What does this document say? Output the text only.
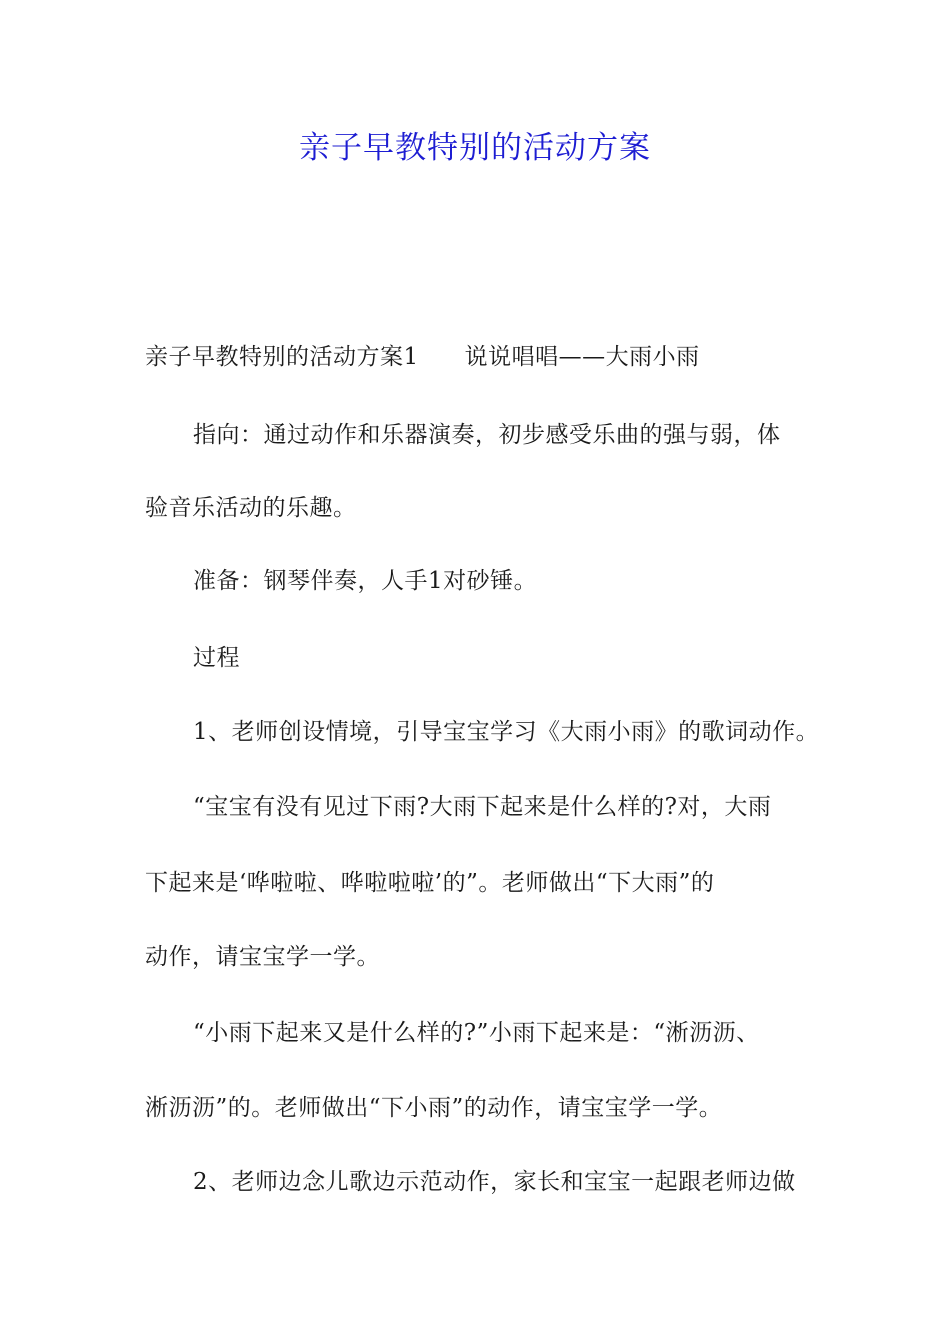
亲子早教特别的活动方案
亲子早教特别的活动方案1 说说唱唱——大雨小雨
指向：通过动作和乐器演奏，初步感受乐曲的强与弱，体
验音乐活动的乐趣。
准备：钢琴伴奏，人手1对砂锤。
过程
1、老师创设情境，引导宝宝学习《大雨小雨》的歌词动作。
“宝宝有没有见过下雨?大雨下起来是什么样的?对，大雨
下起来是‘哗啦啦、哗啦啦啦’的”。老师做出“下大雨”的
动作，请宝宝学一学。
“小雨下起来又是什么样的?”小雨下起来是：“淅沥沥、
淅沥沥”的。老师做出“下小雨”的动作，请宝宝学一学。
2、老师边念儿歌边示范动作，家长和宝宝一起跟老师边做
